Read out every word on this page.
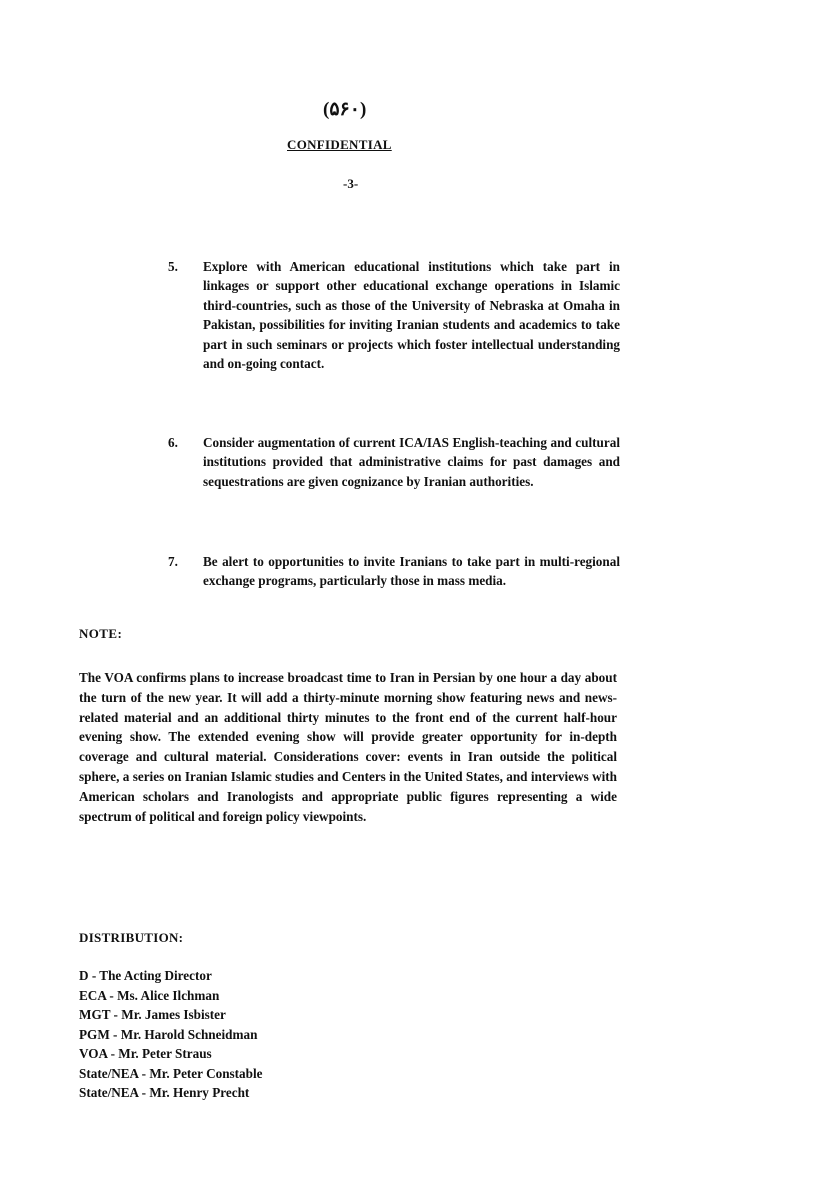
(۵۶۰)
CONFIDENTIAL
-3-
5. Explore with American educational institutions which take part in linkages or support other educational exchange operations in Islamic third-countries, such as those of the University of Nebraska at Omaha in Pakistan, possibilities for inviting Iranian students and academics to take part in such seminars or projects which foster intellectual understanding and on-going contact.
6. Consider augmentation of current ICA/IAS English-teaching and cultural institutions provided that administrative claims for past damages and sequestrations are given cognizance by Iranian authorities.
7. Be alert to opportunities to invite Iranians to take part in multi-regional exchange programs, particularly those in mass media.
NOTE:
The VOA confirms plans to increase broadcast time to Iran in Persian by one hour a day about the turn of the new year. It will add a thirty-minute morning show featuring news and news-related material and an additional thirty minutes to the front end of the current half-hour evening show. The extended evening show will provide greater opportunity for in-depth coverage and cultural material. Considerations cover: events in Iran outside the political sphere, a series on Iranian Islamic studies and Centers in the United States, and interviews with American scholars and Iranologists and appropriate public figures representing a wide spectrum of political and foreign policy viewpoints.
DISTRIBUTION:
D - The Acting Director
ECA - Ms. Alice Ilchman
MGT - Mr. James Isbister
PGM - Mr. Harold Schneidman
VOA - Mr. Peter Straus
State/NEA - Mr. Peter Constable
State/NEA - Mr. Henry Precht
